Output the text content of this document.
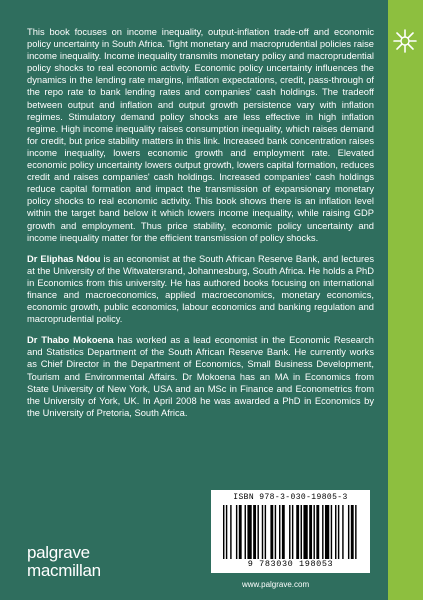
This book focuses on income inequality, output-inflation trade-off and economic policy uncertainty in South Africa. Tight monetary and macroprudential policies raise income inequality. Income inequality transmits monetary policy and macroprudential policy shocks to real economic activity. Economic policy uncertainty influences the dynamics in the lending rate margins, inflation expectations, credit, pass-through of the repo rate to bank lending rates and companies' cash holdings. The tradeoff between output and inflation and output growth persistence vary with inflation regimes. Stimulatory demand policy shocks are less effective in high inflation regime. High income inequality raises consumption inequality, which raises demand for credit, but price stability matters in this link. Increased bank concentration raises income inequality, lowers economic growth and employment rate. Elevated economic policy uncertainty lowers output growth, lowers capital formation, reduces credit and raises companies' cash holdings. Increased companies' cash holdings reduce capital formation and impact the transmission of expansionary monetary policy shocks to real economic activity. This book shows there is an inflation level within the target band below it which lowers income inequality, while raising GDP growth and employment. Thus price stability, economic policy uncertainty and income inequality matter for the efficient transmission of policy shocks.

Dr Eliphas Ndou is an economist at the South African Reserve Bank, and lectures at the University of the Witwatersrand, Johannesburg, South Africa. He holds a PhD in Economics from this university. He has authored books focusing on international finance and macroeconomics, applied macroeconomics, monetary economics, economic growth, public economics, labour economics and banking regulation and macroprudential policy.

Dr Thabo Mokoena has worked as a lead economist in the Economic Research and Statistics Department of the South African Reserve Bank. He currently works as Chief Director in the Department of Economics, Small Business Development, Tourism and Environmental Affairs. Dr Mokoena has an MA in Economics from State University of New York, USA and an MSc in Finance and Econometrics from the University of York, UK. In April 2008 he was awarded a PhD in Economics by the University of Pretoria, South Africa.

ISBN 978-3-030-19805-3
9 783030 198053
www.palgrave.com
palgrave
macmillan
